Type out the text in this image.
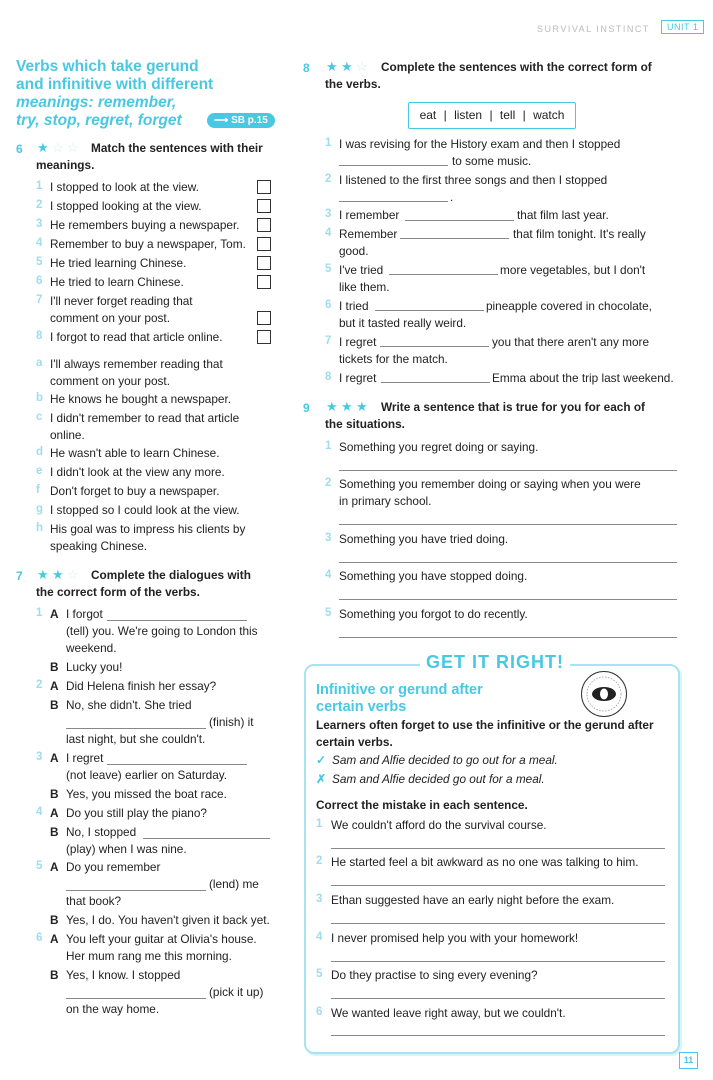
SURVIVAL INSTINCT	UNIT 1
Verbs which take gerund
and infinitive with different
meanings: remember,
try, stop, regret, forget	⟶ SB p.15
6 ★ ☆ ☆ Match the sentences with their
meanings.
1 I stopped to look at the view.
2 I stopped looking at the view.
3 He remembers buying a newspaper.
4 Remember to buy a newspaper, Tom.
5 He tried learning Chinese.
6 He tried to learn Chinese.
7 I'll never forget reading that
comment on your post.
8 I forgot to read that article online.
a I'll always remember reading that
comment on your post.
b He knows he bought a newspaper.
c I didn't remember to read that article
online.
d He wasn't able to learn Chinese.
e I didn't look at the view any more.
f Don't forget to buy a newspaper.
g I stopped so I could look at the view.
h His goal was to impress his clients by
speaking Chinese.
7 ★ ★ ☆ Complete the dialogues with
the correct form of the verbs.
1 A I forgot
(tell) you. We're going to London this
weekend.
B Lucky you!
2 A Did Helena finish her essay?
B No, she didn't. She tried
(finish) it
last night, but she couldn't.
3 A I regret
(not leave) earlier on Saturday.
B Yes, you missed the boat race.
4 A Do you still play the piano?
B No, I stopped
(play) when I was nine.
5 A Do you remember
(lend) me
that book?
B Yes, I do. You haven't given it back yet.
6 A You left your guitar at Olivia's house.
Her mum rang me this morning.
B Yes, I know. I stopped
(pick it up)
on the way home.
8 ★ ★ ☆ Complete the sentences with the correct form of
the verbs.
eat | listen | tell | watch
1 I was revising for the History exam and then I stopped
to some music.
2 I listened to the first three songs and then I stopped
.
3 I remember	that film last year.
4 Remember	that film tonight. It's really
good.
5 I've tried	more vegetables, but I don't
like them.
6 I tried	pineapple covered in chocolate,
but it tasted really weird.
7 I regret	you that there aren't any more
tickets for the match.
8 I regret	Emma about the trip last weekend.
9 ★ ★ ★ Write a sentence that is true for you for each of
the situations.
1 Something you regret doing or saying.
2 Something you remember doing or saying when you were
in primary school.
3 Something you have tried doing.
4 Something you have stopped doing.
5 Something you forgot to do recently.
GET IT RIGHT!
Infinitive or gerund after
certain verbs
Learners often forget to use the infinitive or the gerund after
certain verbs.
✓ Sam and Alfie decided to go out for a meal.
✗ Sam and Alfie decided go out for a meal.
Correct the mistake in each sentence.
1 We couldn't afford do the survival course.
2 He started feel a bit awkward as no one was talking to him.
3 Ethan suggested have an early night before the exam.
4 I never promised help you with your homework!
5 Do they practise to sing every evening?
6 We wanted leave right away, but we couldn't.
11
